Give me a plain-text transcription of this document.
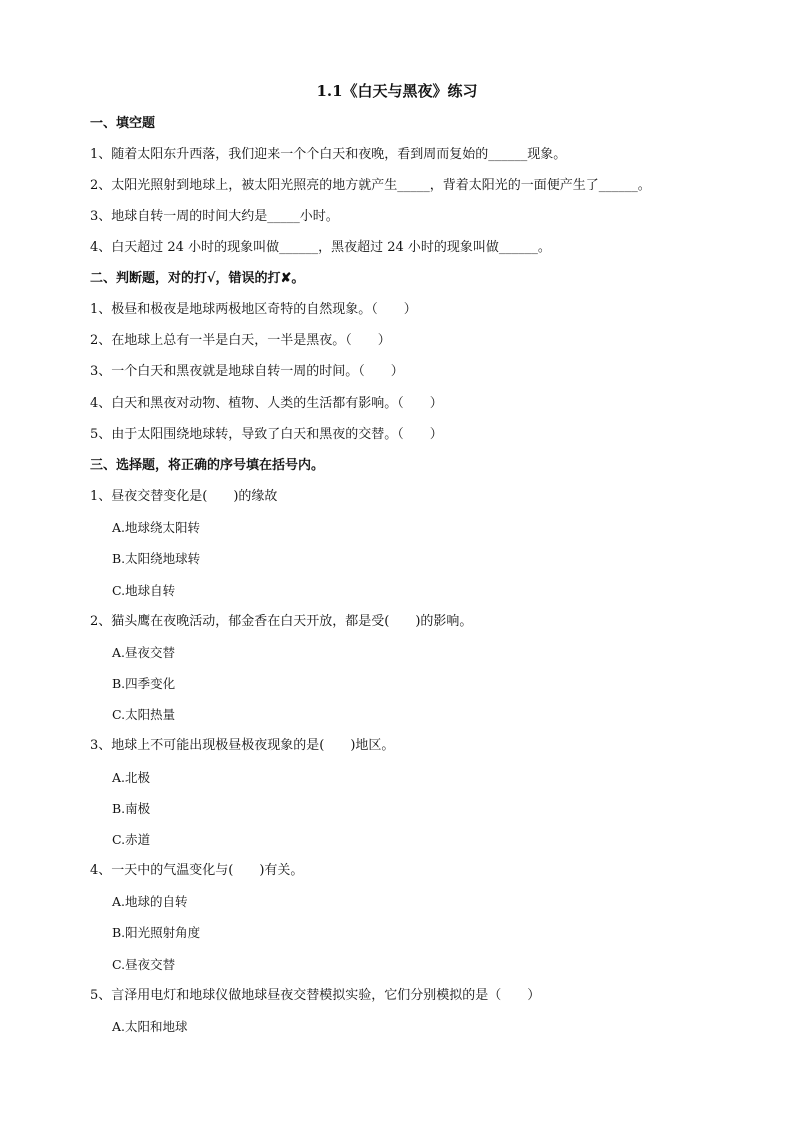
1.1《白天与黑夜》练习
一、填空题
1、随着太阳东升西落，我们迎来一个个白天和夜晚，看到周而复始的______现象。
2、太阳光照射到地球上，被太阳光照亮的地方就产生_____，背着太阳光的一面便产生了______。
3、地球自转一周的时间大约是_____小时。
4、白天超过 24 小时的现象叫做______，黑夜超过 24 小时的现象叫做______。
二、判断题，对的打√，错误的打✘。
1、极昼和极夜是地球两极地区奇特的自然现象。（　　）
2、在地球上总有一半是白天，一半是黑夜。（　　）
3、一个白天和黑夜就是地球自转一周的时间。（　　）
4、白天和黑夜对动物、植物、人类的生活都有影响。（　　）
5、由于太阳围绕地球转，导致了白天和黑夜的交替。（　　）
三、选择题，将正确的序号填在括号内。
1、昼夜交替变化是(　　)的缘故
A.地球绕太阳转
B.太阳绕地球转
C.地球自转
2、猫头鹰在夜晚活动，郁金香在白天开放，都是受(　　)的影响。
A.昼夜交替
B.四季变化
C.太阳热量
3、地球上不可能出现极昼极夜现象的是(　　)地区。
A.北极
B.南极
C.赤道
4、一天中的气温变化与(　　)有关。
A.地球的自转
B.阳光照射角度
C.昼夜交替
5、言泽用电灯和地球仪做地球昼夜交替模拟实验，它们分别模拟的是（　　）
A.太阳和地球
